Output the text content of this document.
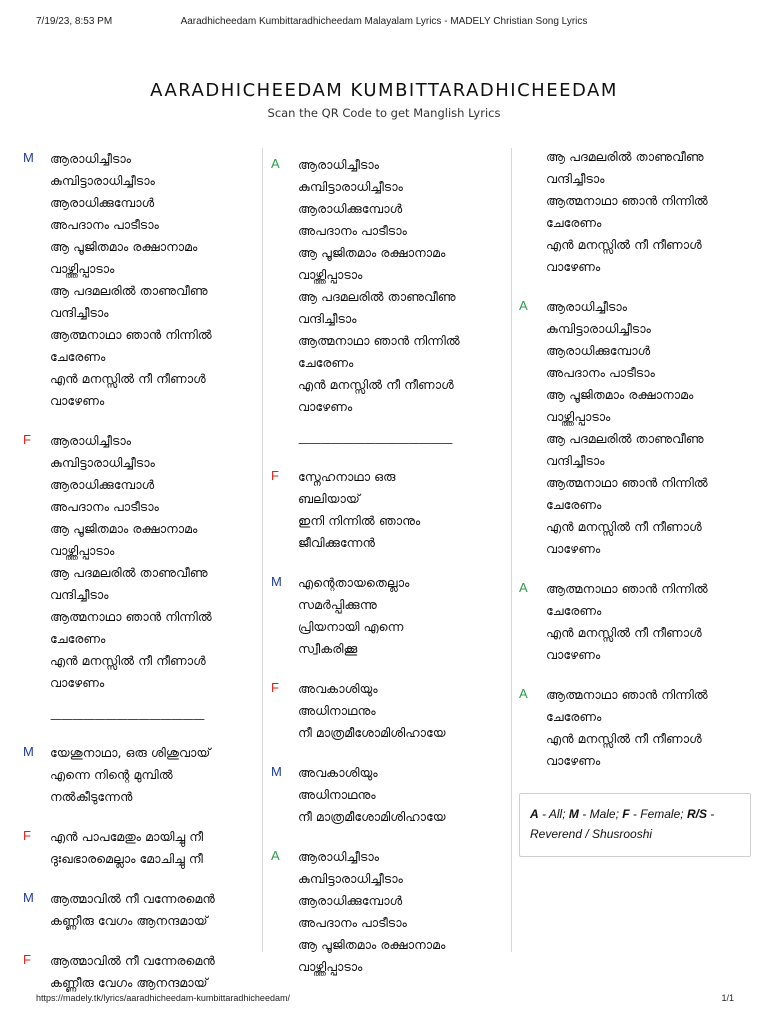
7/19/23, 8:53 PM	Aaradhicheedam Kumbittaradhicheedam Malayalam Lyrics - MADELY Christian Song Lyrics
AARADHICHEEDAM KUMBITTARADHICHEEDAM
Scan the QR Code to get Manglish Lyrics
M ആരാധിച്ചീടാം
കുമ്പിട്ടാരാധിച്ചീടാം
ആരാധിക്കുമ്പോൾ
അപദാനം പാടീടാം
ആ പൂജിതമാം രക്ഷാനാമം
വാഴ്ത്തിപ്പാടാം
ആ പദമലരിൽ താണുവീണു
വന്ദിച്ചീടാം
ആത്മനാഥാ ഞാൻ നിന്നിൽ
ചേരേണം
എൻ മനസ്സിൽ നീ നീണാൾ
വാഴേണം
F ആരാധിച്ചീടാം
കുമ്പിട്ടാരാധിച്ചീടാം
ആരാധിക്കുമ്പോൾ
അപദാനം പാടീടാം
ആ പൂജിതമാം രക്ഷാനാമം
വാഴ്ത്തിപ്പാടാം
ആ പദമലരിൽ താണുവീണു
വന്ദിച്ചീടാം
ആത്മനാഥാ ഞാൻ നിന്നിൽ
ചേരേണം
എൻ മനസ്സിൽ നീ നീണാൾ
വാഴേണം
——————————————
M യേശുനാഥാ, ഒരു ശിശുവായ്
എന്നെ നിന്റെ മുമ്പിൽ
നൽകീടുന്നേൻ
F എൻ പാപമേതും മായിച്ചു നീ
ദുഃഖഭാരമെല്ലാം മോചിച്ചു നീ
M ആത്മാവിൽ നീ വന്നേരമെൻ
കണ്ണീരു വേഗം ആനന്ദമായ്
F ആത്മാവിൽ നീ വന്നേരമെൻ
കണ്ണീരു വേഗം ആനന്ദമായ്
A ആരാധിച്ചീടാം
കുമ്പിട്ടാരാധിച്ചീടാം
ആരാധിക്കുമ്പോൾ
അപദാനം പാടീടാം
ആ പൂജിതമാം രക്ഷാനാമം
വാഴ്ത്തിപ്പാടാം
ആ പദമലരിൽ താണുവീണു
വന്ദിച്ചീടാം
ആത്മനാഥാ ഞാൻ നിന്നിൽ
ചേരേണം
എൻ മനസ്സിൽ നീ നീണാൾ
വാഴേണം
——————————————
F സ്നേഹനാഥാ ഒരു
ബലിയായ്
ഇനി നിന്നിൽ ഞാനും
ജീവിക്കുന്നേൻ
M എന്റെതായതെല്ലാം
സമർപ്പിക്കുന്നു
പ്രിയനായി എന്നെ
സ്വീകരിക്കൂ
F അവകാശിയും
അധിനാഥനും
നീ മാത്രമീശോമിശിഹായേ
M അവകാശിയും
അധിനാഥനും
നീ മാത്രമീശോമിശിഹായേ
A ആരാധിച്ചീടാം
കുമ്പിട്ടാരാധിച്ചീടാം
ആരാധിക്കുമ്പോൾ
അപദാനം പാടീടാം
ആ പൂജിതമാം രക്ഷാനാമം
വാഴ്ത്തിപ്പാടാം
ആ പദമലരിൽ താണുവീണു
വന്ദിച്ചീടാം
ആത്മനാഥാ ഞാൻ നിന്നിൽ
ചേരേണം
എൻ മനസ്സിൽ നീ നീണാൾ
വാഴേണം
A ആരാധിച്ചീടാം
കുമ്പിട്ടാരാധിച്ചീടാം
ആരാധിക്കുമ്പോൾ
അപദാനം പാടീടാം
ആ പൂജിതമാം രക്ഷാനാമം
വാഴ്ത്തിപ്പാടാം
ആ പദമലരിൽ താണുവീണു
വന്ദിച്ചീടാം
ആത്മനാഥാ ഞാൻ നിന്നിൽ
ചേരേണം
എൻ മനസ്സിൽ നീ നീണാൾ
വാഴേണം
A ആത്മനാഥാ ഞാൻ നിന്നിൽ
ചേരേണം
എൻ മനസ്സിൽ നീ നീണാൾ
വാഴേണം
A ആത്മനാഥാ ഞാൻ നിന്നിൽ
ചേരേണം
എൻ മനസ്സിൽ നീ നീണാൾ
വാഴേണം
A - All; M - Male; F - Female; R/S - Reverend / Shusrooshi
https://madely.tk/lyrics/aaradhicheedam-kumbittaradhicheedam/	1/1
